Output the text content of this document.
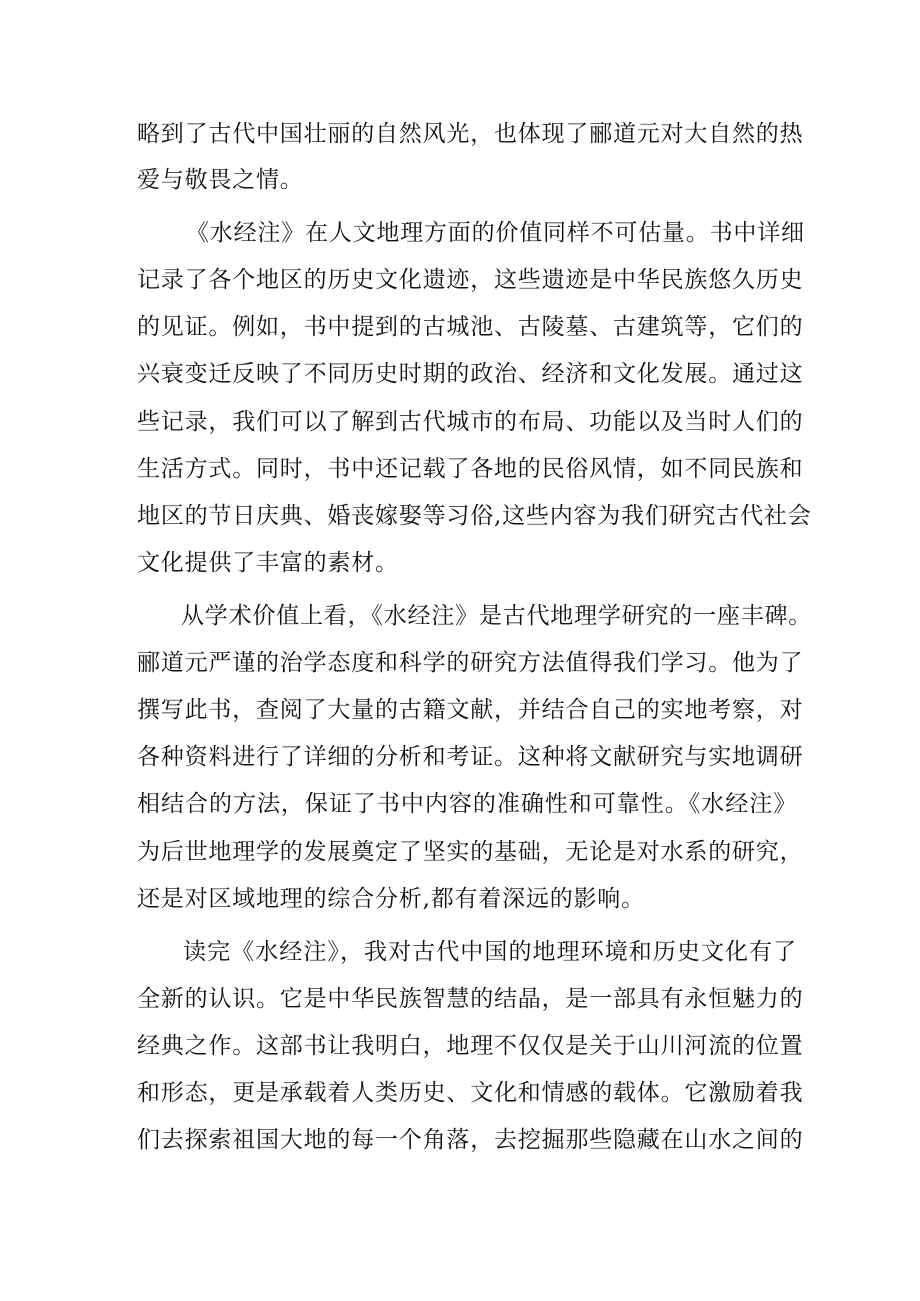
略到了古代中国壮丽的自然风光，也体现了郦道元对大自然的热
爱与敬畏之情。
《水经注》在人文地理方面的价值同样不可估量。书中详细
记录了各个地区的历史文化遗迹，这些遗迹是中华民族悠久历史
的见证。例如，书中提到的古城池、古陵墓、古建筑等，它们的
兴衰变迁反映了不同历史时期的政治、经济和文化发展。通过这
些记录，我们可以了解到古代城市的布局、功能以及当时人们的
生活方式。同时，书中还记载了各地的民俗风情，如不同民族和
地区的节日庆典、婚丧嫁娶等习俗,这些内容为我们研究古代社会
文化提供了丰富的素材。
从学术价值上看，《水经注》是古代地理学研究的一座丰碑。
郦道元严谨的治学态度和科学的研究方法值得我们学习。他为了
撰写此书，查阅了大量的古籍文献，并结合自己的实地考察，对
各种资料进行了详细的分析和考证。这种将文献研究与实地调研
相结合的方法，保证了书中内容的准确性和可靠性。《水经注》
为后世地理学的发展奠定了坚实的基础，无论是对水系的研究，
还是对区域地理的综合分析,都有着深远的影响。
读完《水经注》，我对古代中国的地理环境和历史文化有了
全新的认识。它是中华民族智慧的结晶，是一部具有永恒魅力的
经典之作。这部书让我明白，地理不仅仅是关于山川河流的位置
和形态，更是承载着人类历史、文化和情感的载体。它激励着我
们去探索祖国大地的每一个角落，去挖掘那些隐藏在山水之间的
